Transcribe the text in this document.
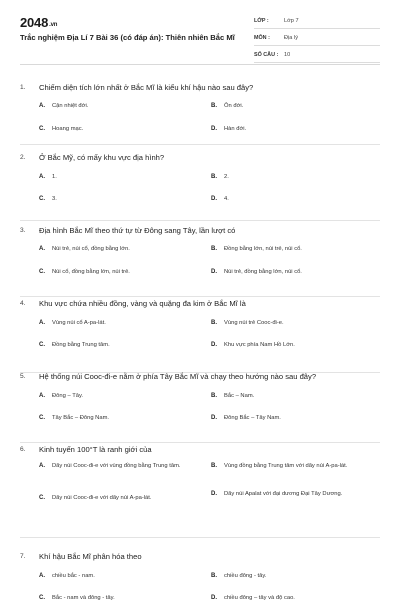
2048.vn
Trắc nghiệm Địa Lí 7 Bài 36 (có đáp án): Thiên nhiên Bắc Mĩ
LỚP :	Lớp 7
MÔN :	Địa lý
SỐ CÂU :	10
1.	Chiếm diện tích lớn nhất ở Bắc Mĩ là kiểu khí hậu nào sau đây?
A.	Cận nhiệt đới.	B.	Ôn đới.
C.	Hoang mạc.	D.	Hàn đới.
2.	Ở Bắc Mỹ, có mấy khu vực địa hình?
A.	1.	B.	2.
C.	3.	D.	4.
3.	Địa hình Bắc Mĩ theo thứ tự từ Đông sang Tây, lần lượt có
A.	Núi trẻ, núi cổ, đồng bằng lớn.	B.	Đồng bằng lớn, núi trẻ, núi cổ.
C.	Núi cổ, đồng bằng lớn, núi trẻ.	D.	Núi trẻ, đồng bằng lớn, núi cổ.
4.	Khu vực chứa nhiều đồng, vàng và quặng đa kim ở Bắc Mĩ là
A.	Vùng núi cổ A-pa-lát.	B.	Vùng núi trẻ Cooc-đi-e.
C.	Đồng bằng Trung tâm.	D.	Khu vực phía Nam Hồ Lớn.
5.	Hệ thống núi Cooc-đi-e nằm ở phía Tây Bắc Mĩ và chạy theo hướng nào sau đây?
A.	Đông – Tây.	B.	Bắc – Nam.
C.	Tây Bắc – Đông Nam.	D.	Đông Bắc – Tây Nam.
6.	Kinh tuyến 100°T là ranh giới của
A.	Dãy núi Cooc-đi-e với vùng đồng bằng Trung tâm.	B.	Vùng đồng bằng Trung tâm với dãy núi A-pa-lát.
C.	Dãy núi Cooc-đi-e với dãy núi A-pa-lát.
D.	Dãy núi Apalat với đại dương Đại Tây Dương.
7.	Khí hậu Bắc Mĩ phân hóa theo
A.	chiều bắc - nam.	B.	chiều đông - tây.
C.	Bắc - nam và đông - tây.	D.	chiều đông – tây và độ cao.
